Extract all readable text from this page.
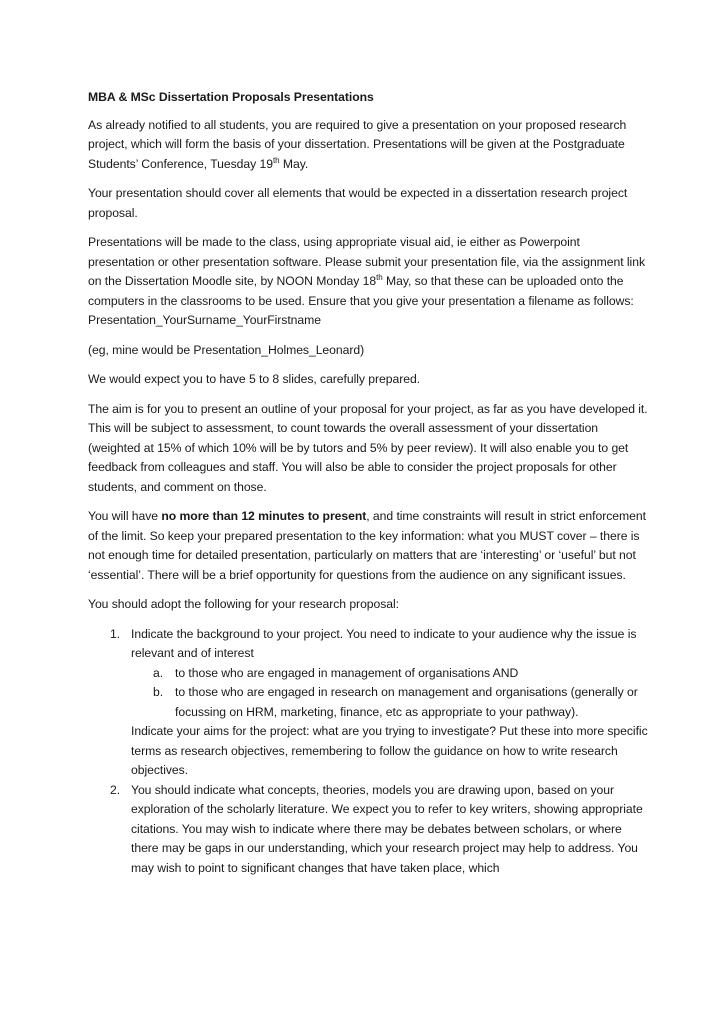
MBA & MSc Dissertation Proposals Presentations

As already notified to all students, you are required to give a presentation on your proposed research project, which will form the basis of your dissertation. Presentations will be given at the Postgraduate Students’ Conference, Tuesday 19th May.

Your presentation should cover all elements that would be expected in a dissertation research project proposal.

Presentations will be made to the class, using appropriate visual aid, ie either as Powerpoint presentation or other presentation software. Please submit your presentation file, via the assignment link on the Dissertation Moodle site, by NOON Monday 18th May, so that these can be uploaded onto the computers in the classrooms to be used. Ensure that you give your presentation a filename as follows:

Presentation_YourSurname_YourFirstname

(eg, mine would be Presentation_Holmes_Leonard)

We would expect you to have 5 to 8 slides, carefully prepared.

The aim is for you to present an outline of your proposal for your project, as far as you have developed it. This will be subject to assessment, to count towards the overall assessment of your dissertation (weighted at 15% of which 10% will be by tutors and 5% by peer review). It will also enable you to get feedback from colleagues and staff. You will also be able to consider the project proposals for other students, and comment on those.

You will have no more than 12 minutes to present, and time constraints will result in strict enforcement of the limit. So keep your prepared presentation to the key information: what you MUST cover – there is not enough time for detailed presentation, particularly on matters that are ‘interesting’ or ‘useful’ but not ‘essential’. There will be a brief opportunity for questions from the audience on any significant issues.

You should adopt the following for your research proposal:

1. Indicate the background to your project. You need to indicate to your audience why the issue is relevant and of interest
a. to those who are engaged in management of organisations AND
b. to those who are engaged in research on management and organisations (generally or focussing on HRM, marketing, finance, etc as appropriate to your pathway).
Indicate your aims for the project: what are you trying to investigate? Put these into more specific terms as research objectives, remembering to follow the guidance on how to write research objectives.
2. You should indicate what concepts, theories, models you are drawing upon, based on your exploration of the scholarly literature. We expect you to refer to key writers, showing appropriate citations. You may wish to indicate where there may be debates between scholars, or where there may be gaps in our understanding, which your research project may help to address. You may wish to point to significant changes that have taken place, which
